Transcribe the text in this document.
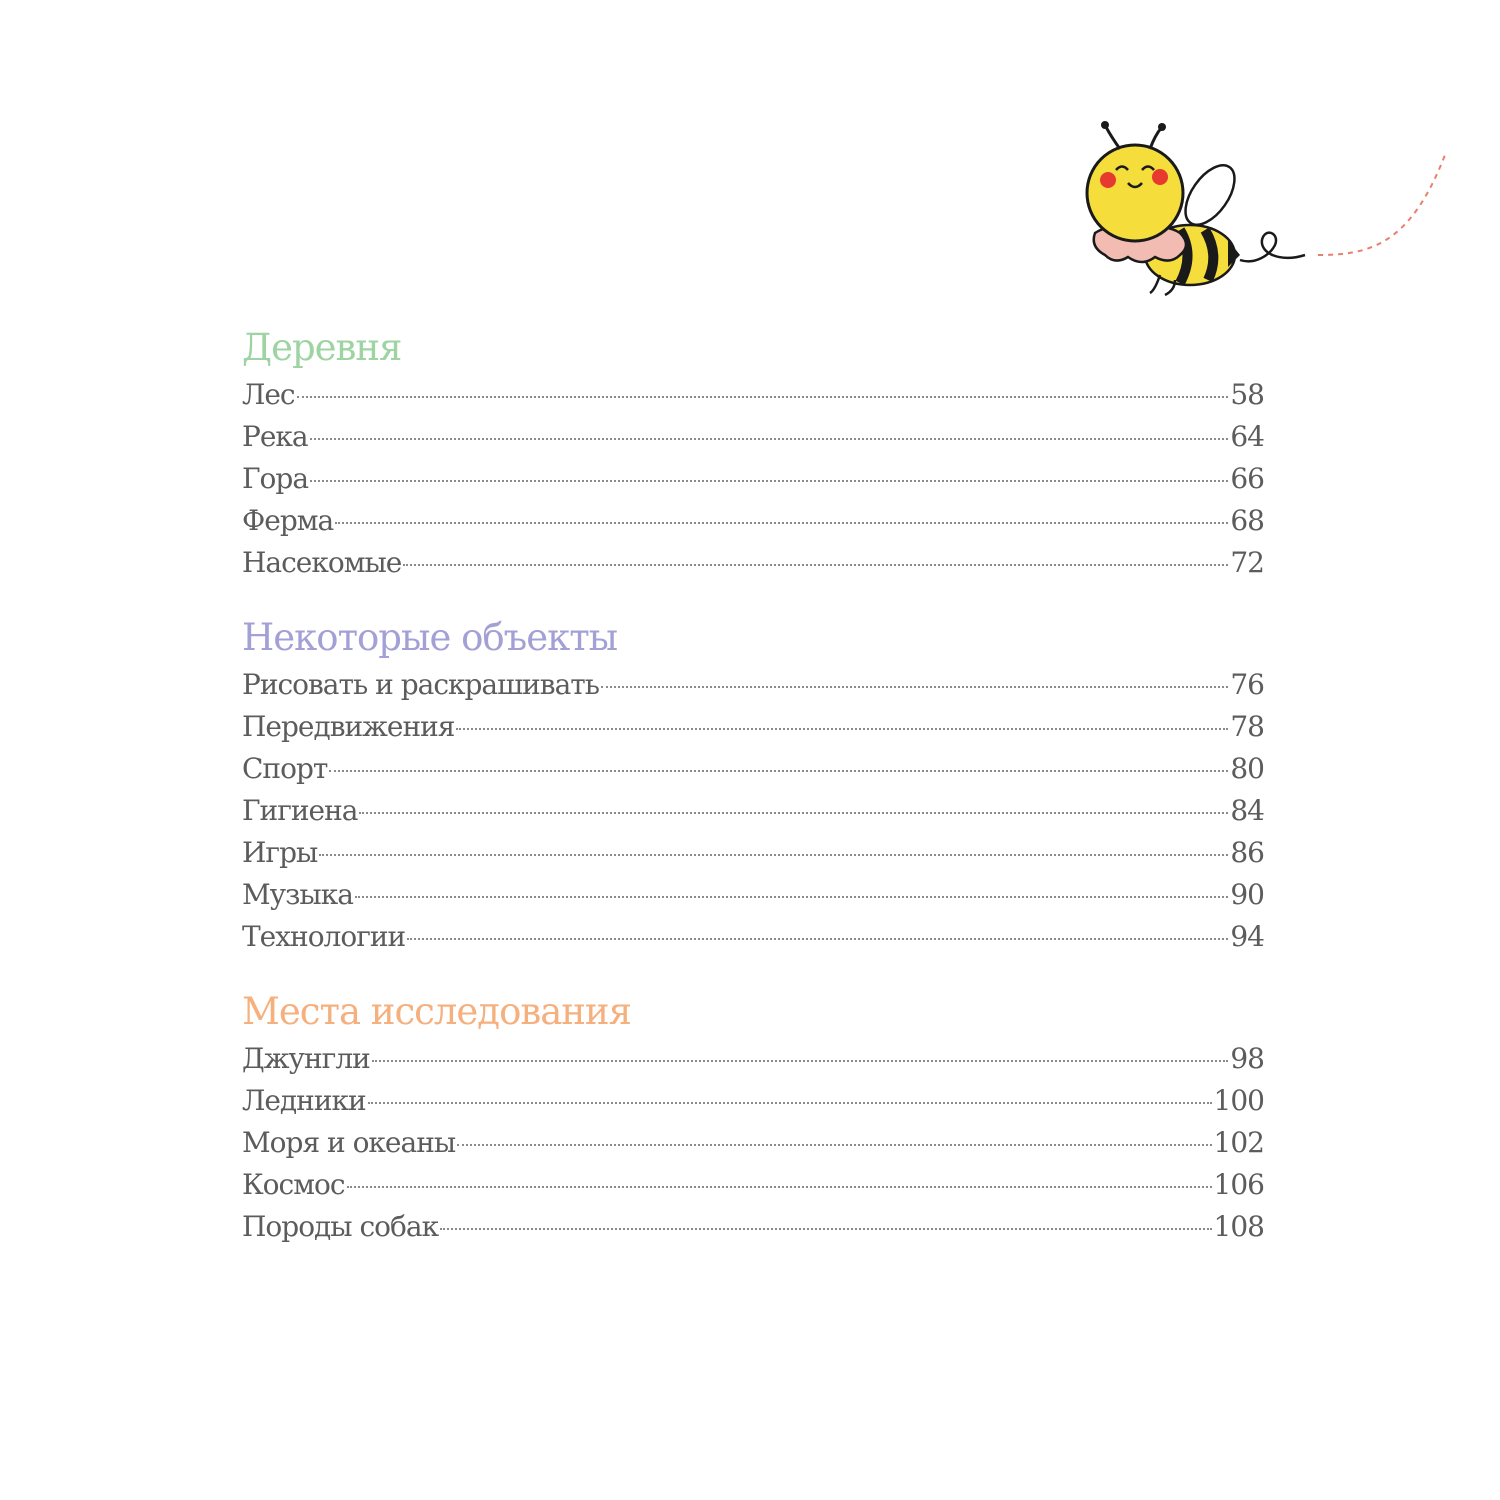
Деревня
Лес	58
Река	64
Гора	66
Ферма	68
Насекомые	72
Некоторые объекты
Рисовать и раскрашивать	76
Передвижения	78
Спорт	80
Гигиена	84
Игры	86
Музыка	90
Технологии	94
Места исследования
Джунгли	98
Ледники	100
Моря и океаны	102
Космос	106
Породы собак	108
